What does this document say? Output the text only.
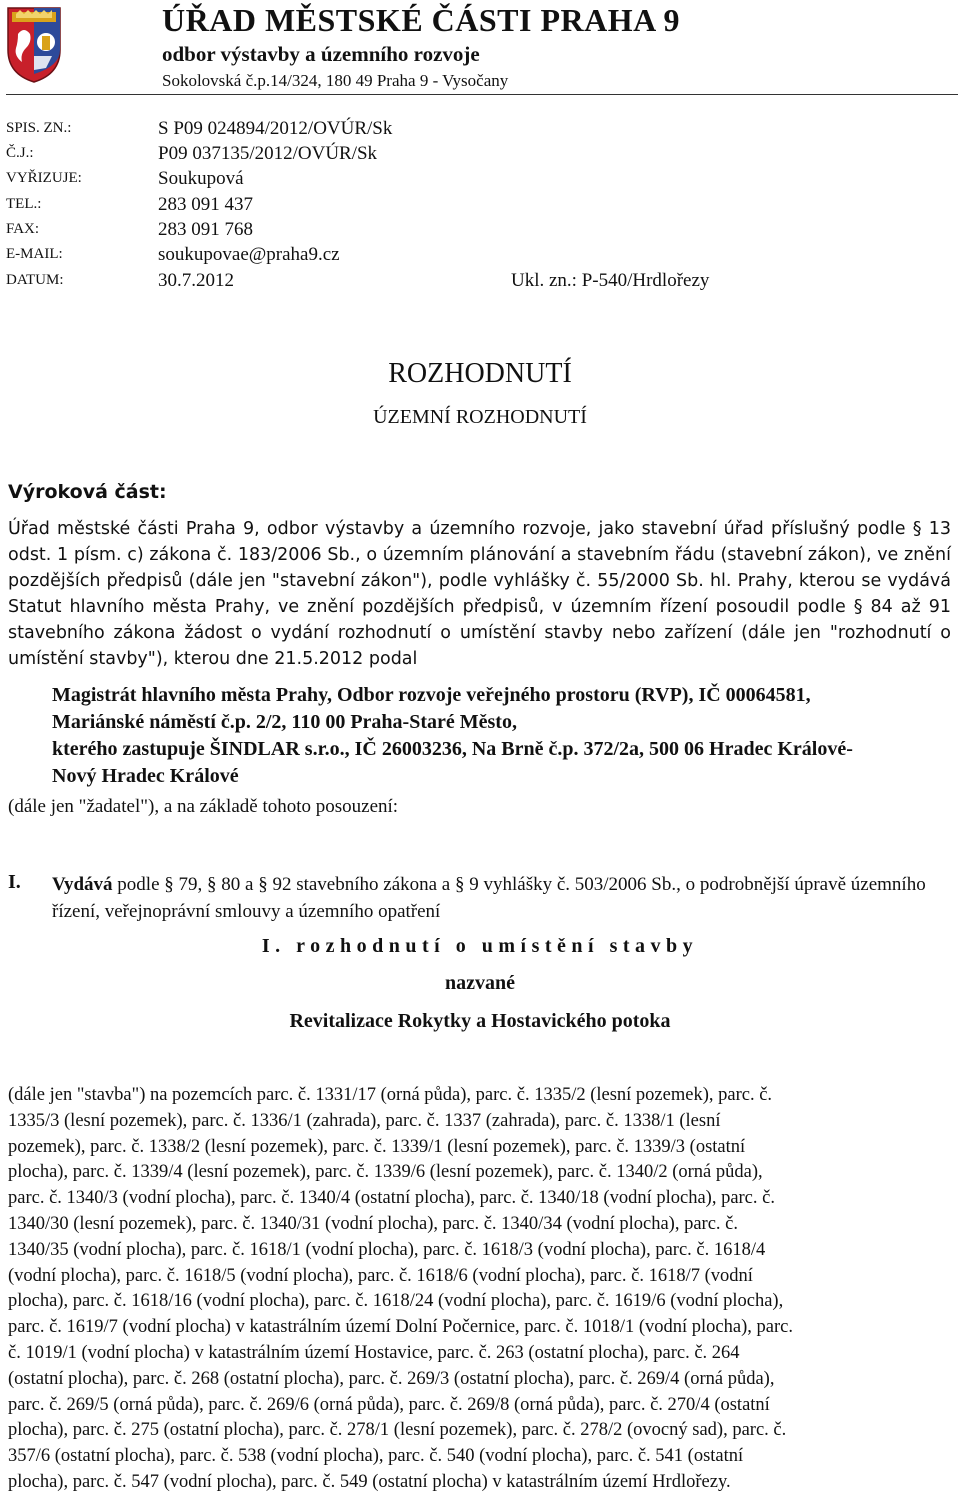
ÚŘAD MĚSTSKÉ ČÁSTI PRAHA 9
odbor výstavby a územního rozvoje
Sokolovská č.p.14/324, 180 49 Praha 9 - Vysočany
SPIS. ZN.:	S P09 024894/2012/OVÚR/Sk
Č.J.:	P09 037135/2012/OVÚR/Sk
VYŘIZUJE:	Soukupová
TEL.:	283 091 437
FAX:	283 091 768
E-MAIL:	soukupovae@praha9.cz
DATUM:	30.7.2012	Ukl. zn.: P-540/Hrdlořezy
ROZHODNUTÍ
ÚZEMNÍ ROZHODNUTÍ
Výroková část:
Úřad městské části Praha 9, odbor výstavby a územního rozvoje, jako stavební úřad příslušný podle § 13 odst. 1 písm. c) zákona č. 183/2006 Sb., o územním plánování a stavebním řádu (stavební zákon), ve znění pozdějších předpisů (dále jen "stavební zákon"), podle vyhlášky č. 55/2000 Sb. hl. Prahy, kterou se vydává Statut hlavního města Prahy, ve znění pozdějších předpisů, v územním řízení posoudil podle § 84 až 91 stavebního zákona žádost o vydání rozhodnutí o umístění stavby nebo zařízení (dále jen "rozhodnutí o umístění stavby"), kterou dne 21.5.2012 podal
Magistrát hlavního města Prahy, Odbor rozvoje veřejného prostoru (RVP), IČ 00064581,
Mariánské náměstí č.p. 2/2, 110 00 Praha-Staré Město,
kterého zastupuje ŠINDLAR s.r.o., IČ 26003236, Na Brně č.p. 372/2a, 500 06 Hradec Králové-
Nový Hradec Králové
(dále jen "žadatel"), a na základě tohoto posouzení:
I. Vydává podle § 79, § 80 a § 92 stavebního zákona a § 9 vyhlášky č. 503/2006 Sb., o podrobnější úpravě územního řízení, veřejnoprávní smlouvy a územního opatření
I. rozhodnutí o umístění stavby
nazvané
Revitalizace Rokytky a Hostavického potoka
(dále jen "stavba") na pozemcích parc. č. 1331/17 (orná půda), parc. č. 1335/2 (lesní pozemek), parc. č.
1335/3 (lesní pozemek), parc. č. 1336/1 (zahrada), parc. č. 1337 (zahrada), parc. č. 1338/1 (lesní
pozemek), parc. č. 1338/2 (lesní pozemek), parc. č. 1339/1 (lesní pozemek), parc. č. 1339/3 (ostatní
plocha), parc. č. 1339/4 (lesní pozemek), parc. č. 1339/6 (lesní pozemek), parc. č. 1340/2 (orná půda),
parc. č. 1340/3 (vodní plocha), parc. č. 1340/4 (ostatní plocha), parc. č. 1340/18 (vodní plocha), parc. č.
1340/30 (lesní pozemek), parc. č. 1340/31 (vodní plocha), parc. č. 1340/34 (vodní plocha), parc. č.
1340/35 (vodní plocha), parc. č. 1618/1 (vodní plocha), parc. č. 1618/3 (vodní plocha), parc. č. 1618/4
(vodní plocha), parc. č. 1618/5 (vodní plocha), parc. č. 1618/6 (vodní plocha), parc. č. 1618/7 (vodní
plocha), parc. č. 1618/16 (vodní plocha), parc. č. 1618/24 (vodní plocha), parc. č. 1619/6 (vodní plocha),
parc. č. 1619/7 (vodní plocha) v katastrálním území Dolní Počernice, parc. č. 1018/1 (vodní plocha), parc.
č. 1019/1 (vodní plocha) v katastrálním území Hostavice, parc. č. 263 (ostatní plocha), parc. č. 264
(ostatní plocha), parc. č. 268 (ostatní plocha), parc. č. 269/3 (ostatní plocha), parc. č. 269/4 (orná půda),
parc. č. 269/5 (orná půda), parc. č. 269/6 (orná půda), parc. č. 269/8 (orná půda), parc. č. 270/4 (ostatní
plocha), parc. č. 275 (ostatní plocha), parc. č. 278/1 (lesní pozemek), parc. č. 278/2 (ovocný sad), parc. č.
357/6 (ostatní plocha), parc. č. 538 (vodní plocha), parc. č. 540 (vodní plocha), parc. č. 541 (ostatní
plocha), parc. č. 547 (vodní plocha), parc. č. 549 (ostatní plocha) v katastrálním území Hrdlořezy.
